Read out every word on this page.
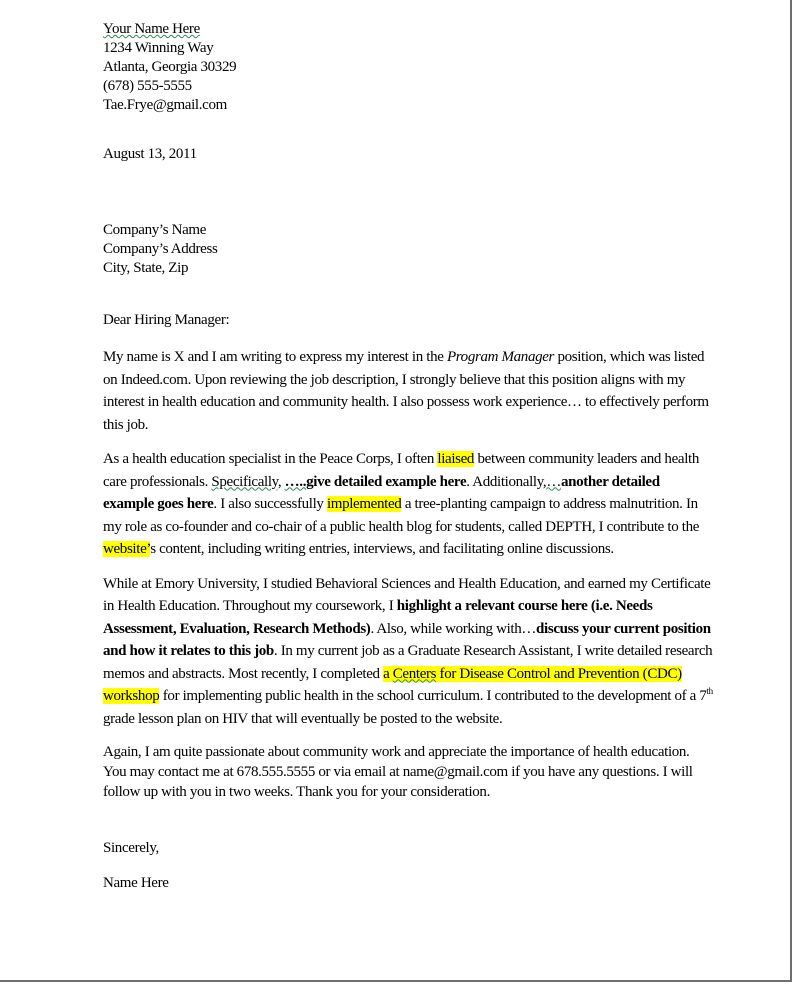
Your Name Here
1234 Winning Way
Atlanta, Georgia 30329
(678) 555-5555
Tae.Frye@gmail.com
August 13, 2011
Company’s Name
Company’s Address
City, State, Zip
Dear Hiring Manager:

My name is X and I am writing to express my interest in the Program Manager position, which was listed on Indeed.com. Upon reviewing the job description, I strongly believe that this position aligns with my interest in health education and community health. I also possess work experience… to effectively perform this job.

As a health education specialist in the Peace Corps, I often liaised between community leaders and health care professionals. Specifically, …..give detailed example here. Additionally,…another detailed example goes here. I also successfully implemented a tree-planting campaign to address malnutrition. In my role as co-founder and co-chair of a public health blog for students, called DEPTH, I contribute to the website’s content, including writing entries, interviews, and facilitating online discussions.

While at Emory University, I studied Behavioral Sciences and Health Education, and earned my Certificate in Health Education. Throughout my coursework, I highlight a relevant course here (i.e. Needs Assessment, Evaluation, Research Methods). Also, while working with…discuss your current position and how it relates to this job. In my current job as a Graduate Research Assistant, I write detailed research memos and abstracts. Most recently, I completed a Centers for Disease Control and Prevention (CDC) workshop for implementing public health in the school curriculum. I contributed to the development of a 7th grade lesson plan on HIV that will eventually be posted to the website.

Again, I am quite passionate about community work and appreciate the importance of health education. You may contact me at 678.555.5555 or via email at name@gmail.com if you have any questions. I will follow up with you in two weeks. Thank you for your consideration.

Sincerely,
Name Here
